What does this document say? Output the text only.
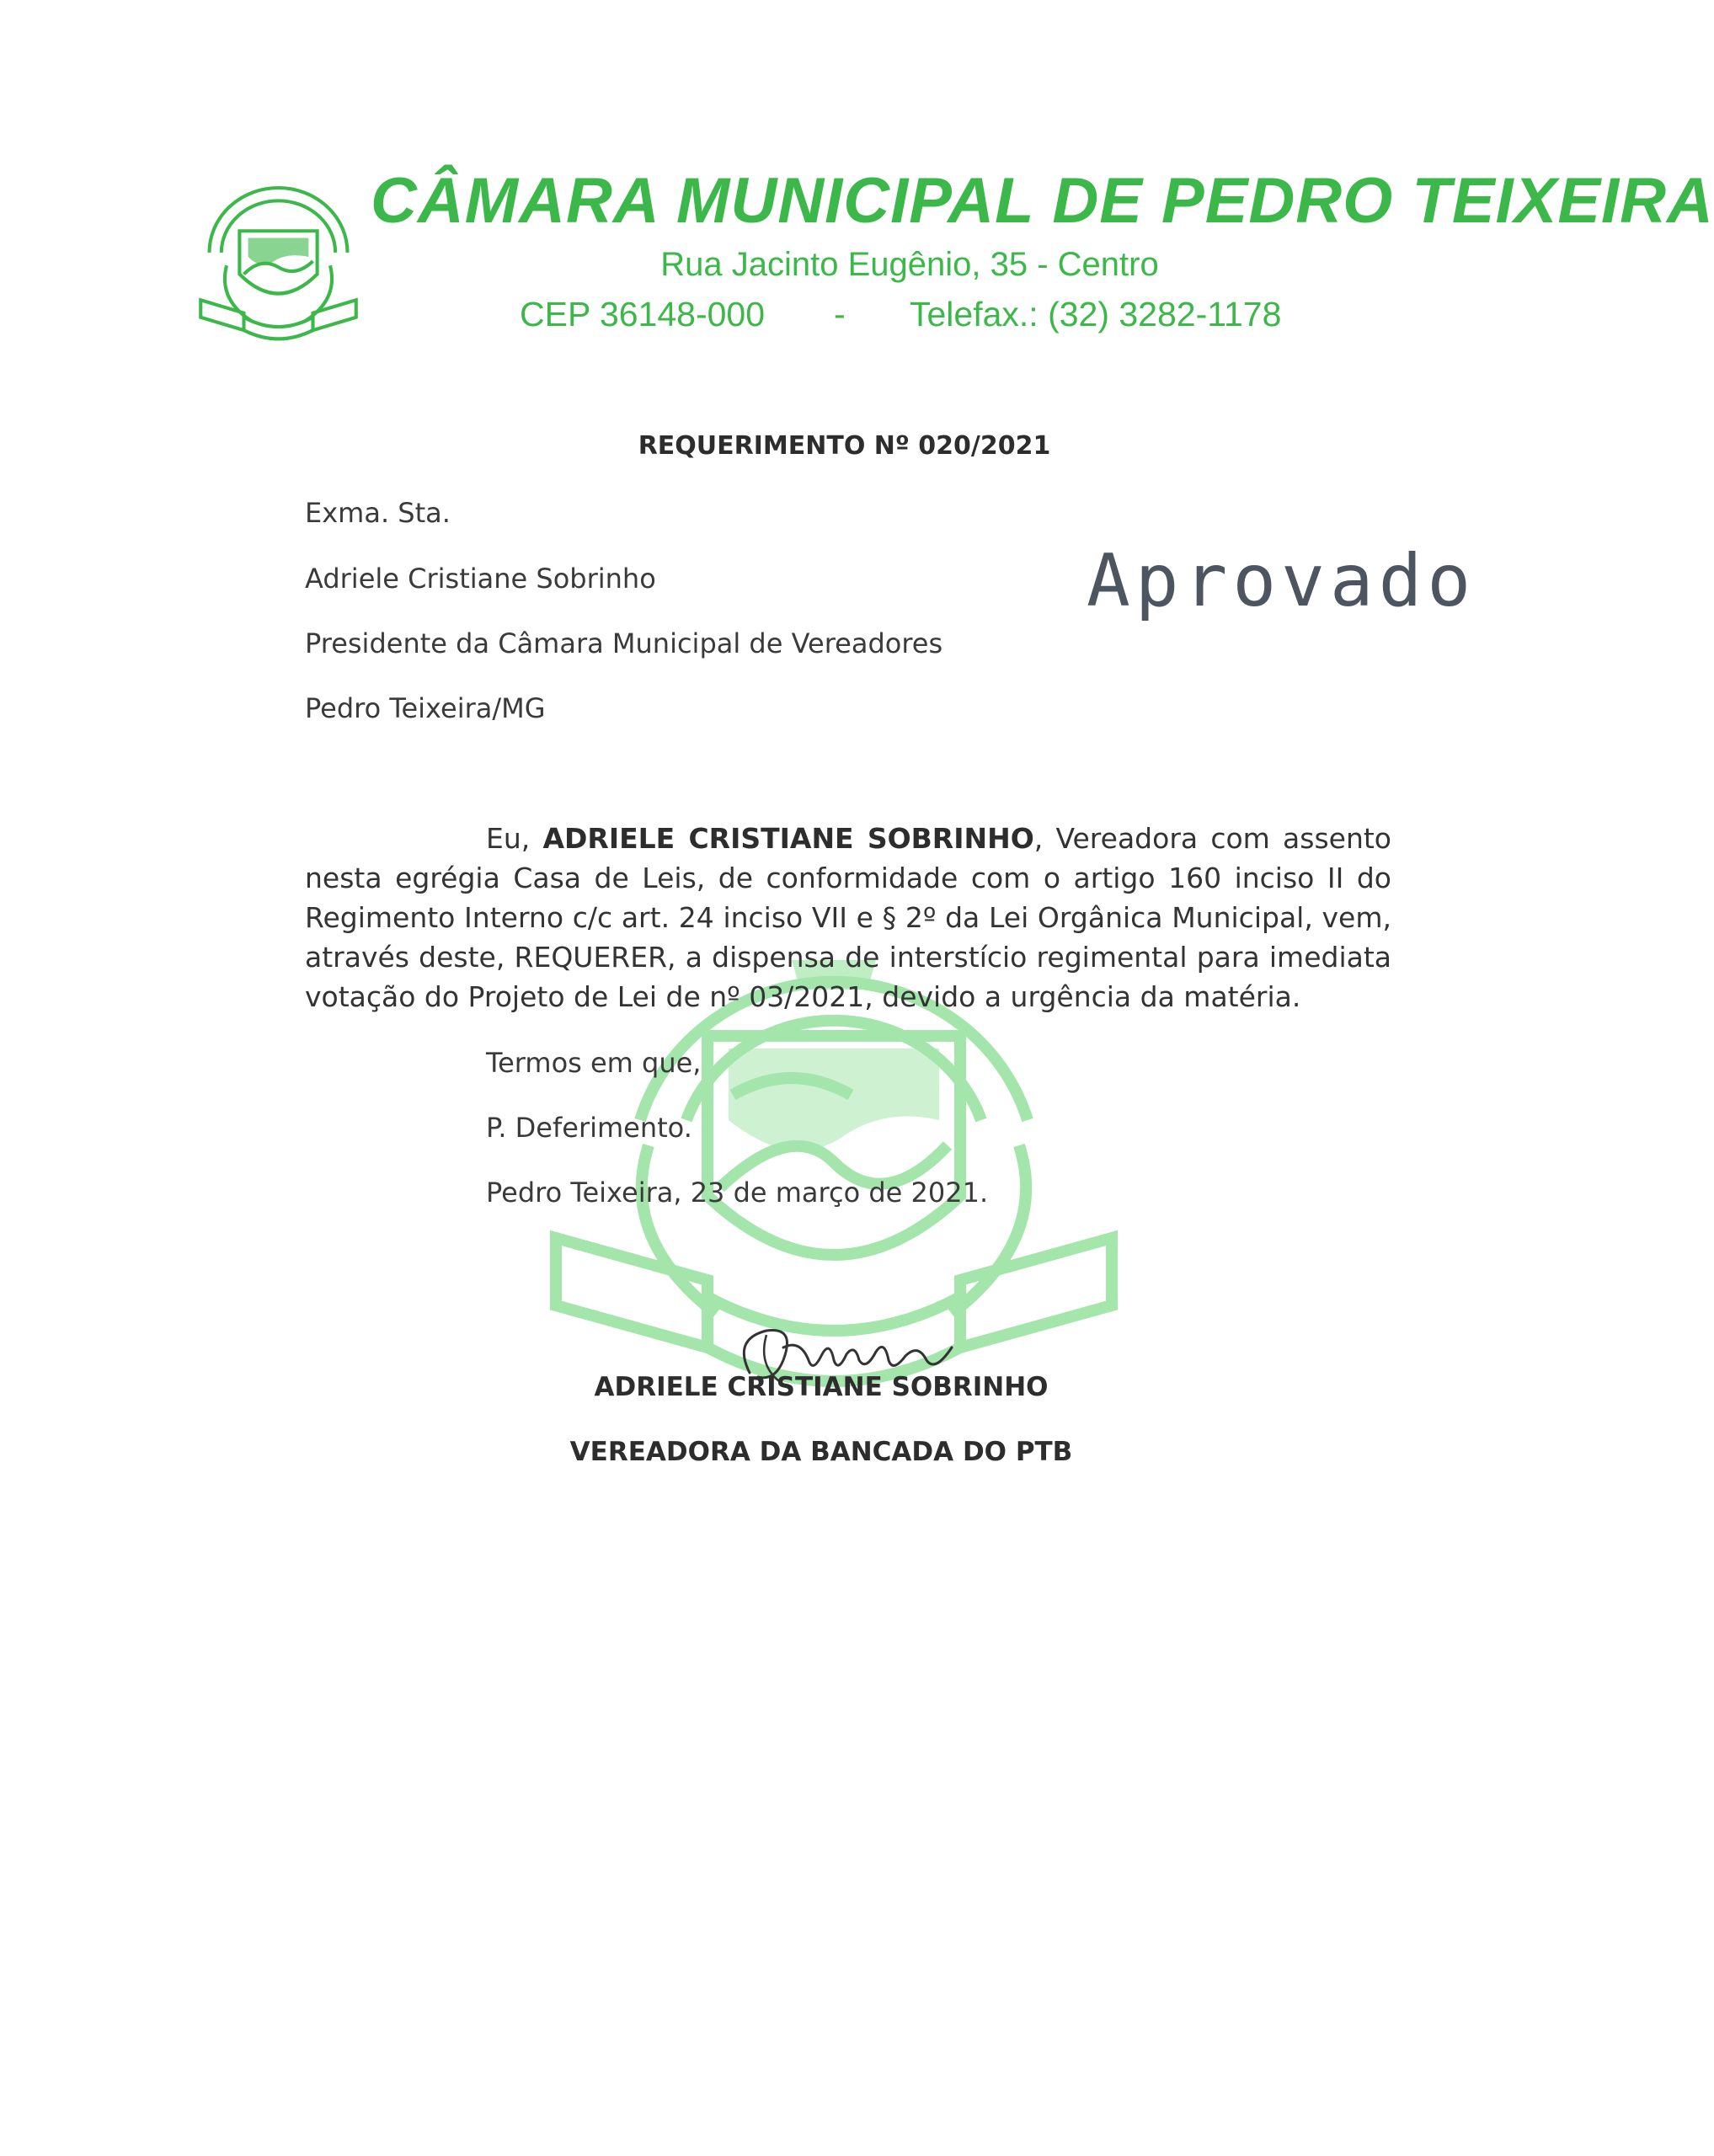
CÂMARA MUNICIPAL DE PEDRO TEIXEIRA
Rua Jacinto Eugênio, 35 - Centro
CEP 36148-000 - Telefax.: (32) 3282-1178
REQUERIMENTO Nº 020/2021
Exma. Sta.
Adriele Cristiane Sobrinho
Presidente da Câmara Municipal de Vereadores
Pedro Teixeira/MG
Aprovado
Eu, ADRIELE CRISTIANE SOBRINHO, Vereadora com assento nesta egrégia Casa de Leis, de conformidade com o artigo 160 inciso II do Regimento Interno c/c art. 24 inciso VII e § 2º da Lei Orgânica Municipal, vem, através deste, REQUERER, a dispensa de interstício regimental para imediata votação do Projeto de Lei de nº 03/2021, devido a urgência da matéria.
Termos em que,
P. Deferimento.
Pedro Teixeira, 23 de março de 2021.
ADRIELE CRISTIANE SOBRINHO
VEREADORA DA BANCADA DO PTB
